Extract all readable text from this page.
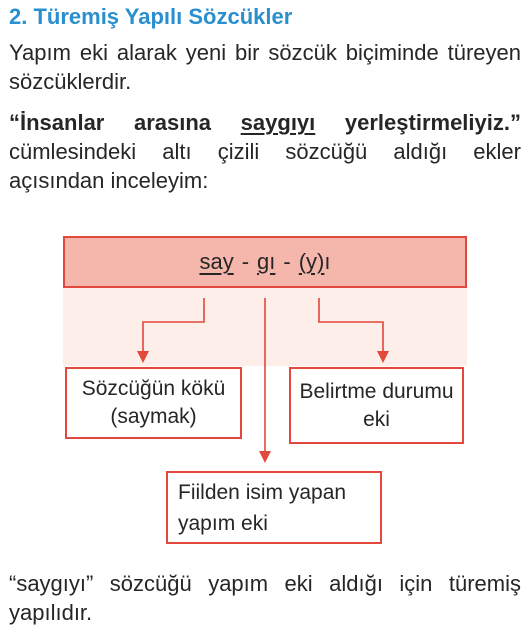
2. Türemiş Yapılı Sözcükler
Yapım eki alarak yeni bir sözcük biçiminde türeyen sözcüklerdir.
“İnsanlar arasına saygıyı yerleştirmeliyiz.” cümlesindeki altı çizili sözcüğü aldığı ekler açısından inceleyim:
say - gı - (y)ı
Sözcüğün kökü (saymak)
Belirtme durumu eki
Fiilden isim yapan yapım eki
“saygıyı” sözcüğü yapım eki aldığı için türemiş yapılıdır.
